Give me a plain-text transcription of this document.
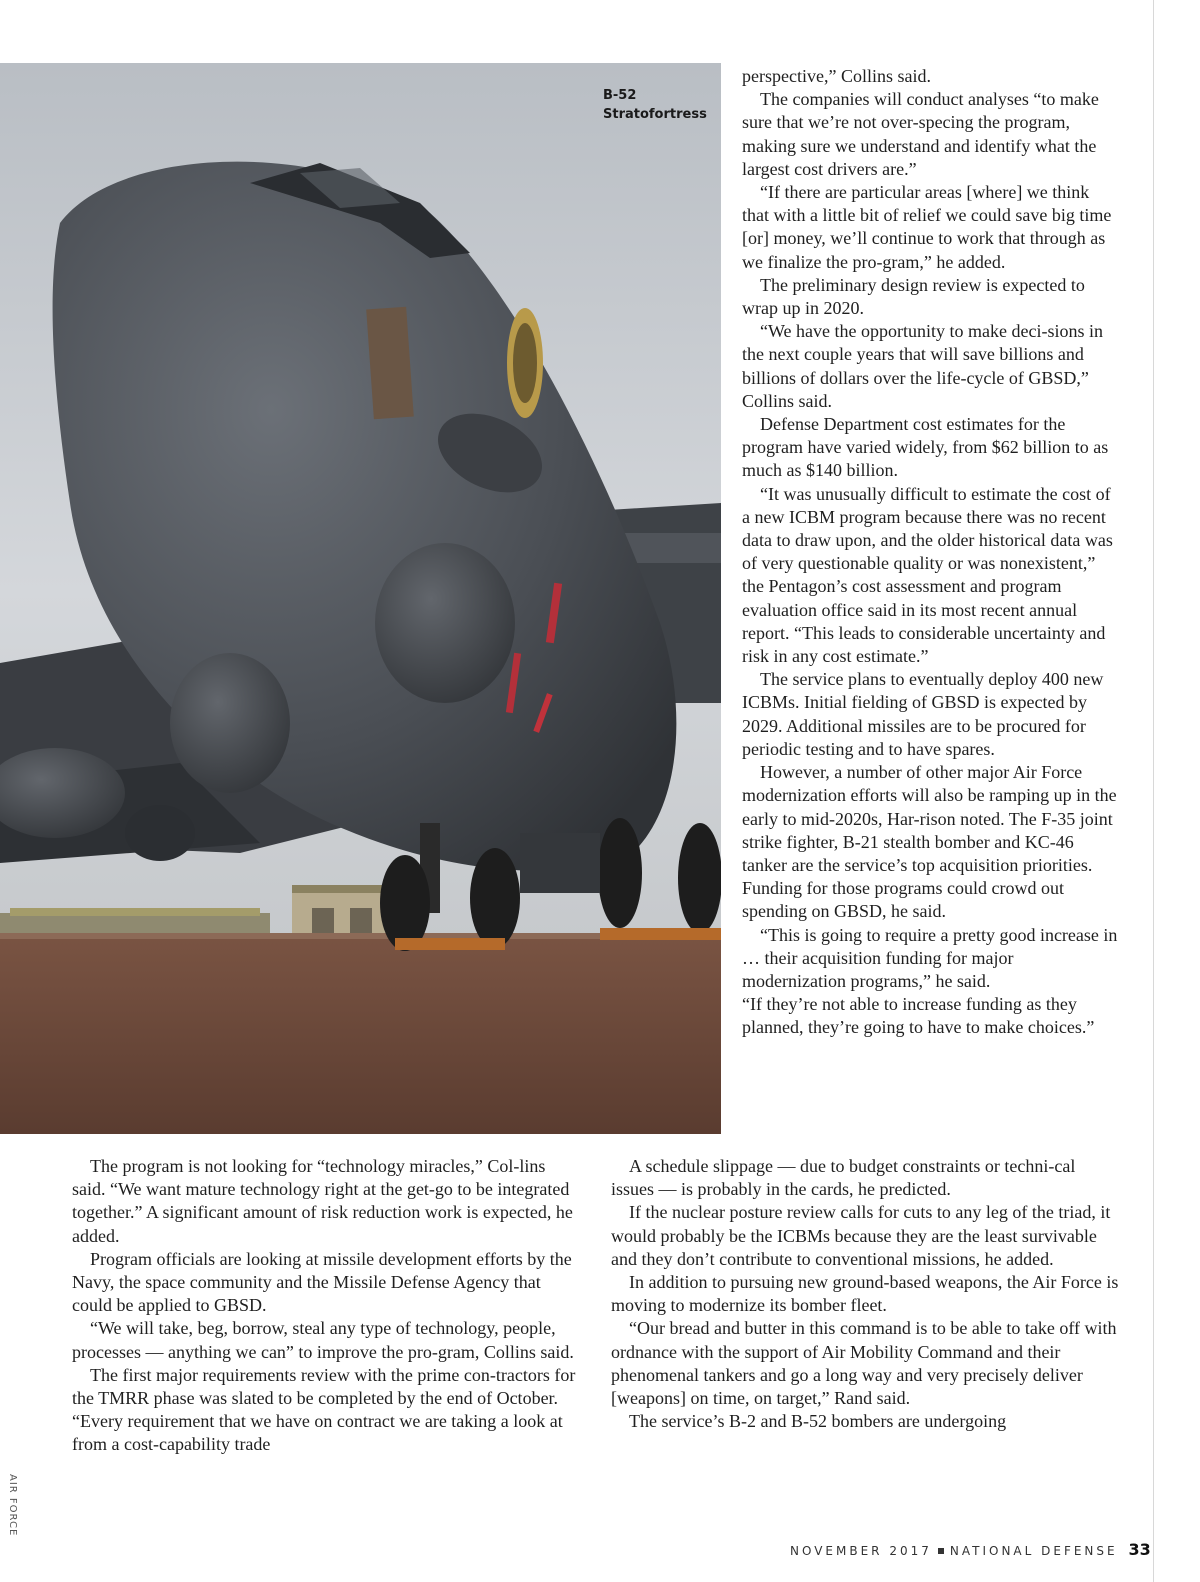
B-52
Stratofortress

perspective,” Collins said.

The companies will conduct analyses “to make sure that we’re not over-specing the program, making sure we understand and identify what the largest cost drivers are.”

“If there are particular areas [where] we think that with a little bit of relief we could save big time [or] money, we’ll continue to work that through as we finalize the pro-gram,” he added.

The preliminary design review is expected to wrap up in 2020.

“We have the opportunity to make deci-sions in the next couple years that will save billions and billions of dollars over the life-cycle of GBSD,” Collins said.

Defense Department cost estimates for the program have varied widely, from $62 billion to as much as $140 billion.

“It was unusually difficult to estimate the cost of a new ICBM program because there was no recent data to draw upon, and the older historical data was of very questionable quality or was nonexistent,” the Pentagon’s cost assessment and program evaluation office said in its most recent annual report. “This leads to considerable uncertainty and risk in any cost estimate.”

The service plans to eventually deploy 400 new ICBMs. Initial fielding of GBSD is expected by 2029. Additional missiles are to be procured for periodic testing and to have spares.

However, a number of other major Air Force modernization efforts will also be ramping up in the early to mid-2020s, Har-rison noted. The F-35 joint strike fighter, B-21 stealth bomber and KC-46 tanker are the service’s top acquisition priorities. Funding for those programs could crowd out spending on GBSD, he said.

“This is going to require a pretty good increase in … their acquisition funding for major modernization programs,” he said.

“If they’re not able to increase funding as they planned, they’re going to have to make choices.”

The program is not looking for “technology miracles,” Col-lins said. “We want mature technology right at the get-go to be integrated together.” A significant amount of risk reduction work is expected, he added.

Program officials are looking at missile development efforts by the Navy, the space community and the Missile Defense Agency that could be applied to GBSD.

“We will take, beg, borrow, steal any type of technology, people, processes — anything we can” to improve the pro-gram, Collins said.

The first major requirements review with the prime con-tractors for the TMRR phase was slated to be completed by the end of October. “Every requirement that we have on contract we are taking a look at from a cost-capability trade

A schedule slippage — due to budget constraints or techni-cal issues — is probably in the cards, he predicted.

If the nuclear posture review calls for cuts to any leg of the triad, it would probably be the ICBMs because they are the least survivable and they don’t contribute to conventional missions, he added.

In addition to pursuing new ground-based weapons, the Air Force is moving to modernize its bomber fleet.

“Our bread and butter in this command is to be able to take off with ordnance with the support of Air Mobility Command and their phenomenal tankers and go a long way and very precisely deliver [weapons] on time, on target,” Rand said.

The service’s B-2 and B-52 bombers are undergoing

AIR FORCE
NOVEMBER 2017 NATIONAL DEFENSE 33
